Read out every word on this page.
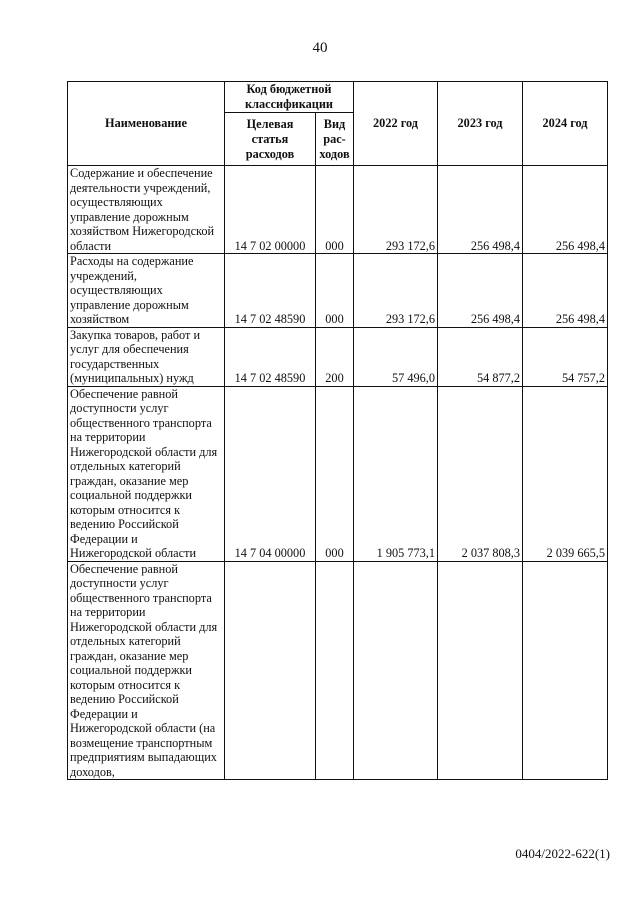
40
Наименование	Код бюджетной классификации		2022 год	2023 год	2024 год
	Целевая статья расходов	Вид рас-ходов			
Содержание и обеспечение деятельности учреждений, осуществляющих управление дорожным хозяйством Нижегородской области	14 7 02 00000	000	293 172,6	256 498,4	256 498,4
Расходы на содержание учреждений, осуществляющих управление дорожным хозяйством	14 7 02 48590	000	293 172,6	256 498,4	256 498,4
Закупка товаров, работ и услуг для обеспечения государственных (муниципальных) нужд	14 7 02 48590	200	57 496,0	54 877,2	54 757,2
Обеспечение равной доступности услуг общественного транспорта на территории Нижегородской области для отдельных категорий граждан, оказание мер социальной поддержки которым относится к ведению Российской Федерации и Нижегородской области	14 7 04 00000	000	1 905 773,1	2 037 808,3	2 039 665,5
Обеспечение равной доступности услуг общественного транспорта на территории Нижегородской области для отдельных категорий граждан, оказание мер социальной поддержки которым относится к ведению Российской Федерации и Нижегородской области (на возмещение транспортным предприятиям выпадающих доходов,					
0404/2022-622(1)
